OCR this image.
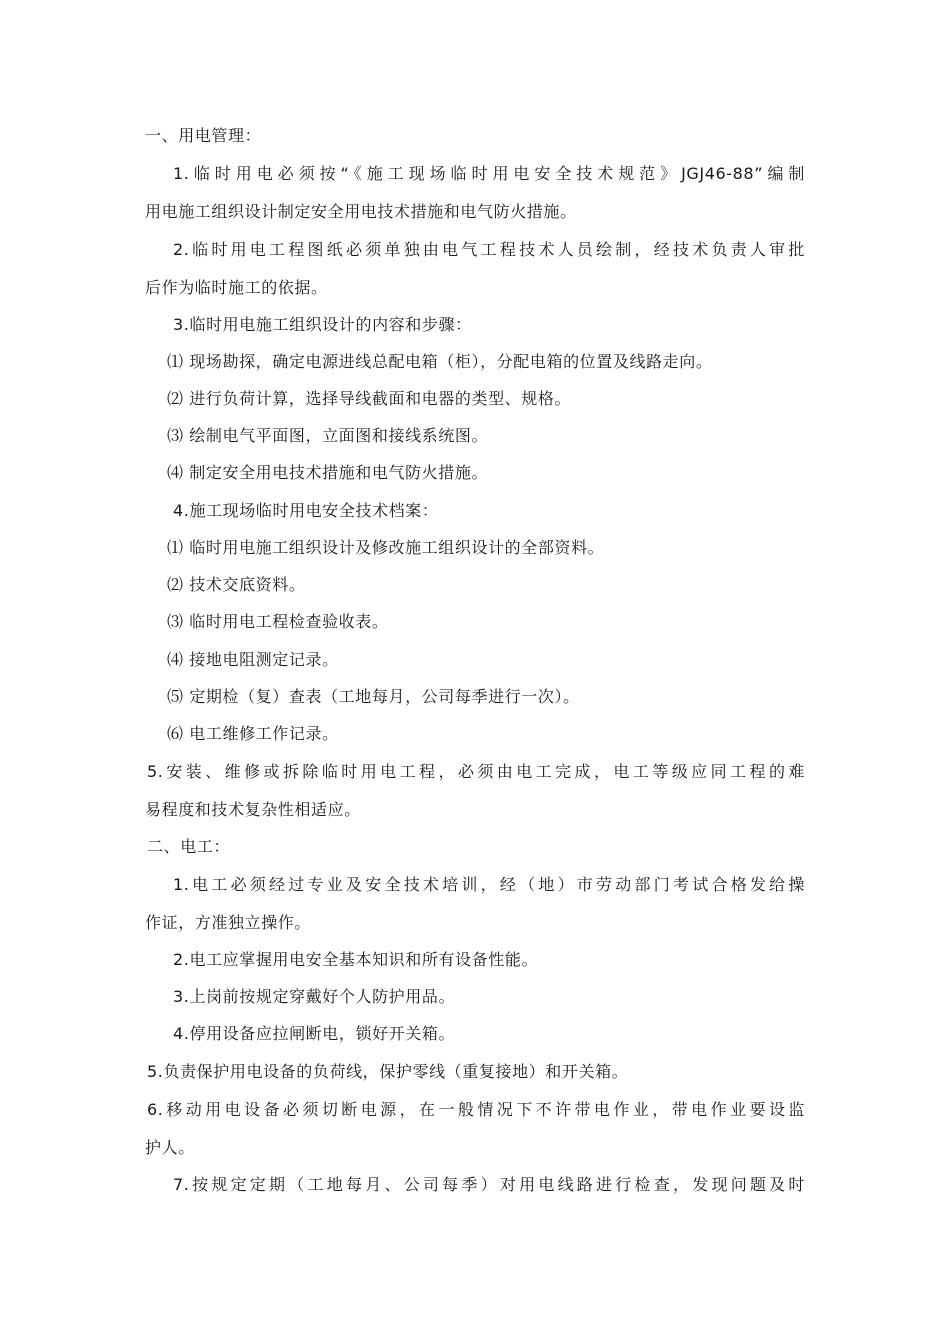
一、用电管理：
1.临时用电必须按“《施工现场临时用电安全技术规范》JGJ46-88”编制
用电施工组织设计制定安全用电技术措施和电气防火措施。
2.临时用电工程图纸必须单独由电气工程技术人员绘制，经技术负责人审批
后作为临时施工的依据。
3.临时用电施工组织设计的内容和步骤：
⑴ 现场勘探，确定电源进线总配电箱（柜），分配电箱的位置及线路走向。
⑵ 进行负荷计算，选择导线截面和电器的类型、规格。
⑶ 绘制电气平面图，立面图和接线系统图。
⑷ 制定安全用电技术措施和电气防火措施。
4.施工现场临时用电安全技术档案：
⑴ 临时用电施工组织设计及修改施工组织设计的全部资料。
⑵ 技术交底资料。
⑶ 临时用电工程检查验收表。
⑷ 接地电阻测定记录。
⑸ 定期检（复）查表（工地每月，公司每季进行一次）。
⑹ 电工维修工作记录。
5.安装、维修或拆除临时用电工程，必须由电工完成，电工等级应同工程的难
易程度和技术复杂性相适应。
二、电工：
1.电工必须经过专业及安全技术培训，经（地）市劳动部门考试合格发给操
作证，方准独立操作。
2.电工应掌握用电安全基本知识和所有设备性能。
3.上岗前按规定穿戴好个人防护用品。
4.停用设备应拉闸断电，锁好开关箱。
5.负责保护用电设备的负荷线，保护零线（重复接地）和开关箱。
6.移动用电设备必须切断电源，在一般情况下不许带电作业，带电作业要设监
护人。
7.按规定定期（工地每月、公司每季）对用电线路进行检查，发现问题及时
